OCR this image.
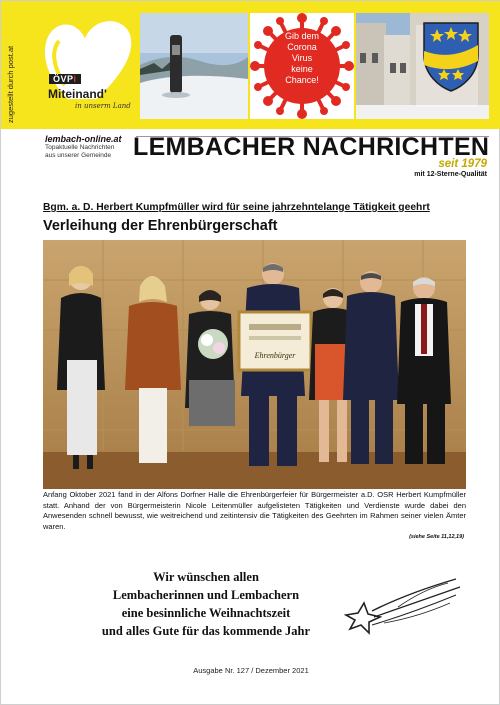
zugestellt durch post.at	ÖVPi
Miteinand'
in unserm Land
Gib dem
Corona
Virus
keine
Chance!
lembach-online.at
Topaktuelle Nachrichten
aus unserer Gemeinde LEMBACHER NACHRICHTEN
seit 1979
mit 12-Sterne-Qualität
Bgm. a. D. Herbert Kumpfmüller wird für seine jahrzehntelange Tätigkeit geehrt
Verleihung der Ehrenbürgerschaft
Ehrenbürger
Anfang Oktober 2021 fand in der Alfons Dorfner Halle die Ehrenbürgerfeier für Bürgermeister a.D. OSR Herbert Kumpfmüller statt. Anhand der von Bürgermeisterin Nicole Leitenmüller aufgelisteten Tätigkeiten und Verdienste wurde dabei den Anwesenden schnell bewusst, wie weitreichend und zeitintensiv die Tätigkeiten des Geehrten im Rahmen seiner vielen Ämter waren.
(siehe Seite 11,12,19)
Wir wünschen allen
Lembacherinnen und Lembachern
eine besinnliche Weihnachtszeit
und alles Gute für das kommende Jahr
Ausgabe Nr. 127 / Dezember 2021
